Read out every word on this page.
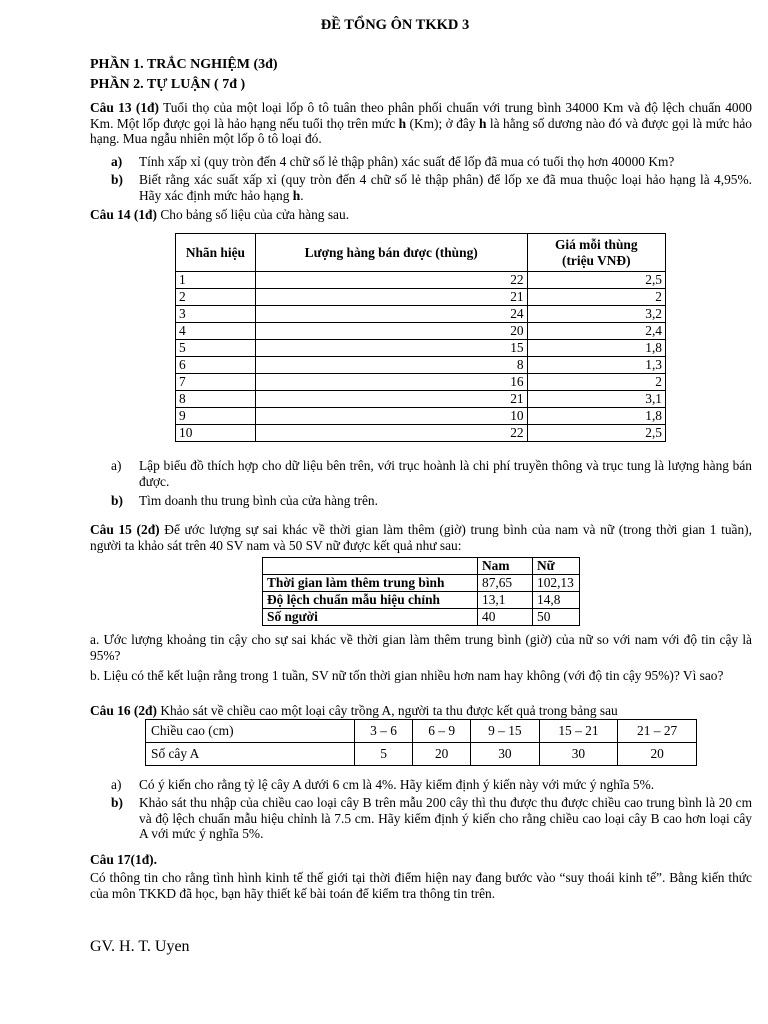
ĐỀ TỔNG ÔN TKKD 3
PHẦN 1. TRẮC NGHIỆM (3đ)
PHẦN 2. TỰ LUẬN ( 7đ )
Câu 13 (1đ) Tuổi thọ của một loại lốp ô tô tuân theo phân phối chuẩn với trung bình 34000 Km và độ lệch chuẩn 4000 Km. Một lốp được gọi là hảo hạng nếu tuổi thọ trên mức h (Km); ở đây h là hằng số dương nào đó và được gọi là mức hảo hạng. Mua ngẫu nhiên một lốp ô tô loại đó.
a) Tính xấp xỉ (quy tròn đến 4 chữ số lẻ thập phân) xác suất để lốp đã mua có tuổi thọ hơn 40000 Km?
b) Biết rằng xác suất xấp xỉ (quy tròn đến 4 chữ số lẻ thập phân) để lốp xe đã mua thuộc loại hảo hạng là 4,95%. Hãy xác định mức hảo hạng h.
Câu 14 (1đ) Cho bảng số liệu của cửa hàng sau.
Nhãn hiệu	Lượng hàng bán được (thùng)	Giá mỗi thùng
(triệu VNĐ)

1	22	2,5
2	21	2
3	24	3,2
4	20	2,4
5	15	1,8
6	8	1,3
7	16	2
8	21	3,1
9	10	1,8
10	22	2,5
a) Lập biểu đồ thích hợp cho dữ liệu bên trên, với trục hoành là chi phí truyền thông và trục tung là lượng hàng bán được.
b) Tìm doanh thu trung bình của cửa hàng trên.
Câu 15 (2đ) Để ước lượng sự sai khác về thời gian làm thêm (giờ) trung bình của nam và nữ (trong thời gian 1 tuần), người ta khảo sát trên 40 SV nam và 50 SV nữ được kết quả như sau:
	Nam	Nữ
Thời gian làm thêm trung bình	87,65	102,13
Độ lệch chuẩn mẫu hiệu chỉnh	13,1	14,8
Số người	40	50
a. Ước lượng khoảng tin cậy cho sự sai khác về thời gian làm thêm trung bình (giờ) của nữ so với nam với độ tin cậy là 95%?
b. Liệu có thể kết luận rằng trong 1 tuần, SV nữ tốn thời gian nhiều hơn nam hay không (với độ tin cậy 95%)? Vì sao?
Câu 16 (2đ) Khảo sát về chiều cao một loại cây trồng A, người ta thu được kết quả trong bảng sau
Chiều cao (cm)	3 – 6	6 – 9	9 – 15	15 – 21	21 – 27
Số cây A	5	20	30	30	20
a) Có ý kiến cho rằng tỷ lệ cây A dưới 6 cm là 4%. Hãy kiểm định ý kiến này với mức ý nghĩa 5%.
b) Khảo sát thu nhập của chiều cao loại cây B trên mẫu 200 cây thì thu được thu được chiều cao trung bình là 20 cm và độ lệch chuẩn mẫu hiệu chỉnh là 7.5 cm. Hãy kiểm định ý kiến cho rằng chiều cao loại cây B cao hơn loại cây A với mức ý nghĩa 5%.
Câu 17(1đ).
Có thông tin cho rằng tình hình kinh tế thế giới tại thời điểm hiện nay đang bước vào “suy thoái kinh tế”. Bằng kiến thức của môn TKKD đã học, bạn hãy thiết kế bài toán để kiểm tra thông tin trên.
GV. H. T. Uyen
